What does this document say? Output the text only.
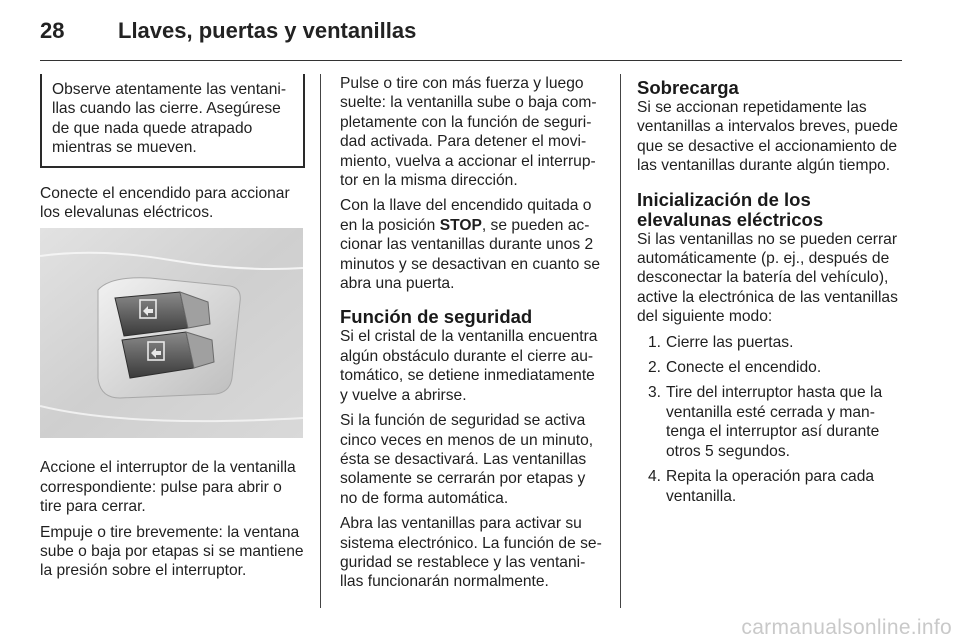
28 Llaves, puertas y ventanillas

Observe atentamente las ventani-llas cuando las cierre. Asegúrese de que nada quede atrapado mientras se mueven.

Conecte el encendido para accionar los elevalunas eléctricos.

Accione el interruptor de la ventanilla correspondiente: pulse para abrir o tire para cerrar.

Empuje o tire brevemente: la ventana sube o baja por etapas si se mantiene la presión sobre el interruptor.

Pulse o tire con más fuerza y luego suelte: la ventanilla sube o baja com-pletamente con la función de seguri-dad activada. Para detener el movi-miento, vuelva a accionar el interrup-tor en la misma dirección.

Con la llave del encendido quitada o en la posición STOP, se pueden ac-cionar las ventanillas durante unos 2 minutos y se desactivan en cuanto se abra una puerta.

Función de seguridad

Si el cristal de la ventanilla encuentra algún obstáculo durante el cierre au-tomático, se detiene inmediatamente y vuelve a abrirse.

Si la función de seguridad se activa cinco veces en menos de un minuto, ésta se desactivará. Las ventanillas solamente se cerrarán por etapas y no de forma automática.

Abra las ventanillas para activar su sistema electrónico. La función de se-guridad se restablece y las ventani-llas funcionarán normalmente.

Sobrecarga

Si se accionan repetidamente las ventanillas a intervalos breves, puede que se desactive el accionamiento de las ventanillas durante algún tiempo.

Inicialización de los elevalunas eléctricos

Si las ventanillas no se pueden cerrar automáticamente (p. ej., después de desconectar la batería del vehículo), active la electrónica de las ventanillas del siguiente modo:

1 . Cierre las puertas.
2 . Conecte el encendido.
3 . Tire del interruptor hasta que la ventanilla esté cerrada y man-tenga el interruptor así durante otros 5 segundos.
4 . Repita la operación para cada ventanilla.
carmanualsonline.info
